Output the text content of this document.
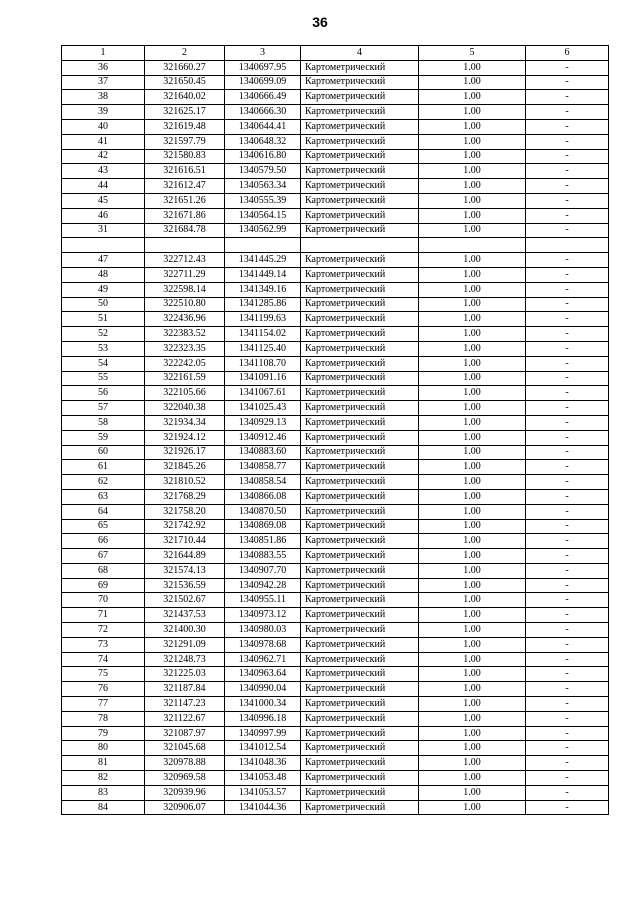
36
1	2	3	4	5	6
36	321660.27	1340697.95	Картометрический	1.00	-
37	321650.45	1340699.09	Картометрический	1.00	-
38	321640.02	1340666.49	Картометрический	1.00	-
39	321625.17	1340666.30	Картометрический	1.00	-
40	321619.48	1340644.41	Картометрический	1.00	-
41	321597.79	1340648.32	Картометрический	1.00	-
42	321580.83	1340616.80	Картометрический	1.00	-
43	321616.51	1340579.50	Картометрический	1.00	-
44	321612.47	1340563.34	Картометрический	1.00	-
45	321651.26	1340555.39	Картометрический	1.00	-
46	321671.86	1340564.15	Картометрический	1.00	-
31	321684.78	1340562.99	Картометрический	1.00	-

47	322712.43	1341445.29	Картометрический	1.00	-
48	322711.29	1341449.14	Картометрический	1.00	-
49	322598.14	1341349.16	Картометрический	1.00	-
50	322510.80	1341285.86	Картометрический	1.00	-
51	322436.96	1341199.63	Картометрический	1.00	-
52	322383.52	1341154.02	Картометрический	1.00	-
53	322323.35	1341125.40	Картометрический	1.00	-
54	322242.05	1341108.70	Картометрический	1.00	-
55	322161.59	1341091.16	Картометрический	1.00	-
56	322105.66	1341067.61	Картометрический	1.00	-
57	322040.38	1341025.43	Картометрический	1.00	-
58	321934.34	1340929.13	Картометрический	1.00	-
59	321924.12	1340912.46	Картометрический	1.00	-
60	321926.17	1340883.60	Картометрический	1.00	-
61	321845.26	1340858.77	Картометрический	1.00	-
62	321810.52	1340858.54	Картометрический	1.00	-
63	321768.29	1340866.08	Картометрический	1.00	-
64	321758.20	1340870.50	Картометрический	1.00	-
65	321742.92	1340869.08	Картометрический	1.00	-
66	321710.44	1340851.86	Картометрический	1.00	-
67	321644.89	1340883.55	Картометрический	1.00	-
68	321574.13	1340907.70	Картометрический	1.00	-
69	321536.59	1340942.28	Картометрический	1.00	-
70	321502.67	1340955.11	Картометрический	1.00	-
71	321437.53	1340973.12	Картометрический	1.00	-
72	321400.30	1340980.03	Картометрический	1.00	-
73	321291.09	1340978.68	Картометрический	1.00	-
74	321248.73	1340962.71	Картометрический	1.00	-
75	321225.03	1340963.64	Картометрический	1.00	-
76	321187.84	1340990.04	Картометрический	1.00	-
77	321147.23	1341000.34	Картометрический	1.00	-
78	321122.67	1340996.18	Картометрический	1.00	-
79	321087.97	1340997.99	Картометрический	1.00	-
80	321045.68	1341012.54	Картометрический	1.00	-
81	320978.88	1341048.36	Картометрический	1.00	-
82	320969.58	1341053.48	Картометрический	1.00	-
83	320939.96	1341053.57	Картометрический	1.00	-
84	320906.07	1341044.36	Картометрический	1.00	-
